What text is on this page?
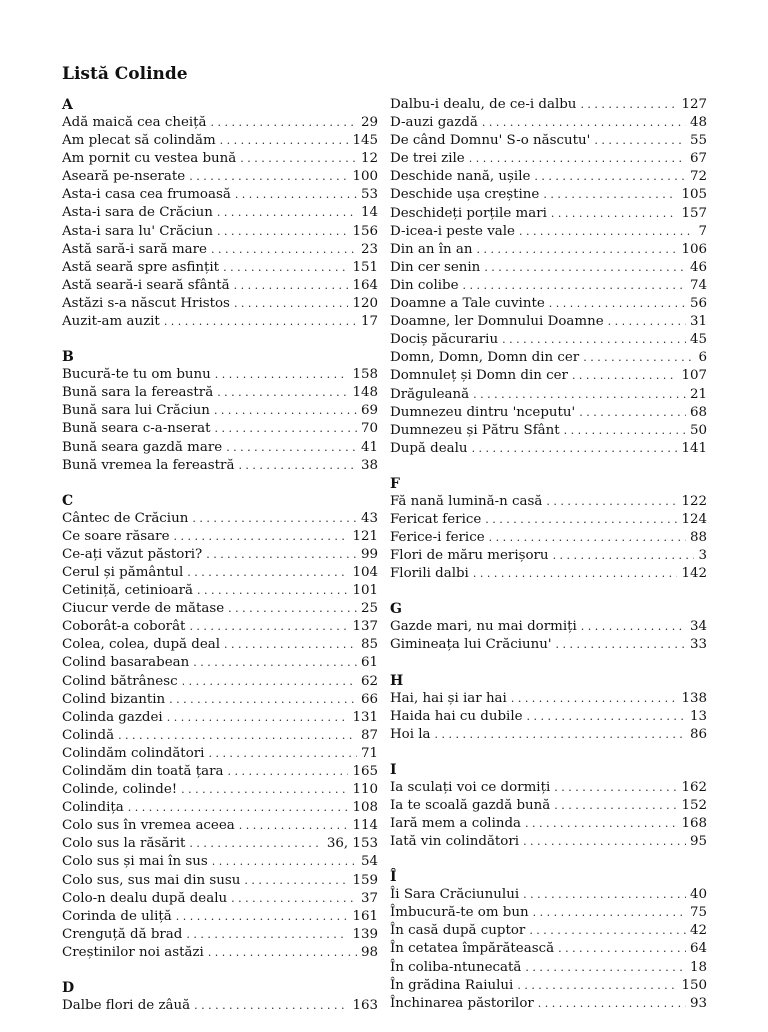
Listă Colinde
A
Adă maică cea cheiță . . .	29
Am plecat să colindăm . . .	145
Am pornit cu vestea bună . . .	12
Aseară pe-nserate . . .	100
Asta-i casa cea frumoasă . . .	53
Asta-i sara de Crăciun . . .	14
Asta-i sara lu' Crăciun . . .	156
Astă sară-i sară mare . . .	23
Astă seară spre asfințit . . .	151
Astă seară-i seară sfântă . . .	164
Astăzi s-a născut Hristos . . .	120
Auzit-am auzit . . .	17
B
Bucură-te tu om bunu . . .	158
Bună sara la fereastră . . .	148
Bună sara lui Crăciun . . .	69
Bună seara c-a-nserat . . .	70
Bună seara gazdă mare . . .	41
Bună vremea la fereastră . . .	38
C
Cântec de Crăciun . . .	43
Ce soare răsare . . .	121
Ce-ați văzut păstori? . . .	99
Cerul și pământul . . .	104
Cetiniță, cetinioară . . .	101
Ciucur verde de mătase . . .	25
Coborât-a coborât . . .	137
Colea, colea, după deal . . .	85
Colind basarabean . . .	61
Colind bătrânesc . . .	62
Colind bizantin . . .	66
Colinda gazdei . . .	131
Colindă . . .	87
Colindăm colindători . . .	71
Colindăm din toată țara . . .	165
Colinde, colinde! . . .	110
Colindița . . .	108
Colo sus în vremea aceea . . .	114
Colo sus la răsărit . . .	36, 153
Colo sus și mai în sus . . .	54
Colo sus, sus mai din susu . . .	159
Colo-n dealu după dealu . . .	37
Corinda de uliță . . .	161
Crenguță dă brad . . .	139
Creștinilor noi astăzi . . .	98
D
Dalbe flori de zâuă . . .	163
Dalbu-i dealu, de ce-i dalbu . . .	127
D-auzi gazdă . . .	48
De când Domnu' S-o născutu' . . .	55
De trei zile . . .	67
Deschide nană, ușile . . .	72
Deschide ușa creștine . . .	105
Deschideți porțile mari . . .	157
D-icea-i peste vale . . .	7
Din an în an . . .	106
Din cer senin . . .	46
Din colibe . . .	74
Doamne a Tale cuvinte . . .	56
Doamne, ler Domnului Doamne . . .	31
Dociș păcurariu . . .	45
Domn, Domn, Domn din cer . . .	6
Domnuleț și Domn din cer . . .	107
Drăguleană . . .	21
Dumnezeu dintru 'nceputu' . . .	68
Dumnezeu și Pătru Sfânt . . .	50
După dealu . . .	141
F
Fă nană lumină-n casă . . .	122
Fericat ferice . . .	124
Ferice-i ferice . . .	88
Flori de măru merișoru . . .	3
Florili dalbi . . .	142
G
Gazde mari, nu mai dormiți . . .	34
Gimineața lui Crăciunu' . . .	33
H
Hai, hai și iar hai . . .	138
Haida hai cu dubile . . .	13
Hoi la . . .	86
I
Ia sculați voi ce dormiți . . .	162
Ia te scoală gazdă bună . . .	152
Iară mem a colinda . . .	168
Iată vin colindători . . .	95
Î
Îi Sara Crăciunului . . .	40
Îmbucură-te om bun . . .	75
În casă după cuptor . . .	42
În cetatea împărătească . . .	64
În coliba-ntunecată . . .	18
În grădina Raiului . . .	150
Închinarea păstorilor . . .	93
